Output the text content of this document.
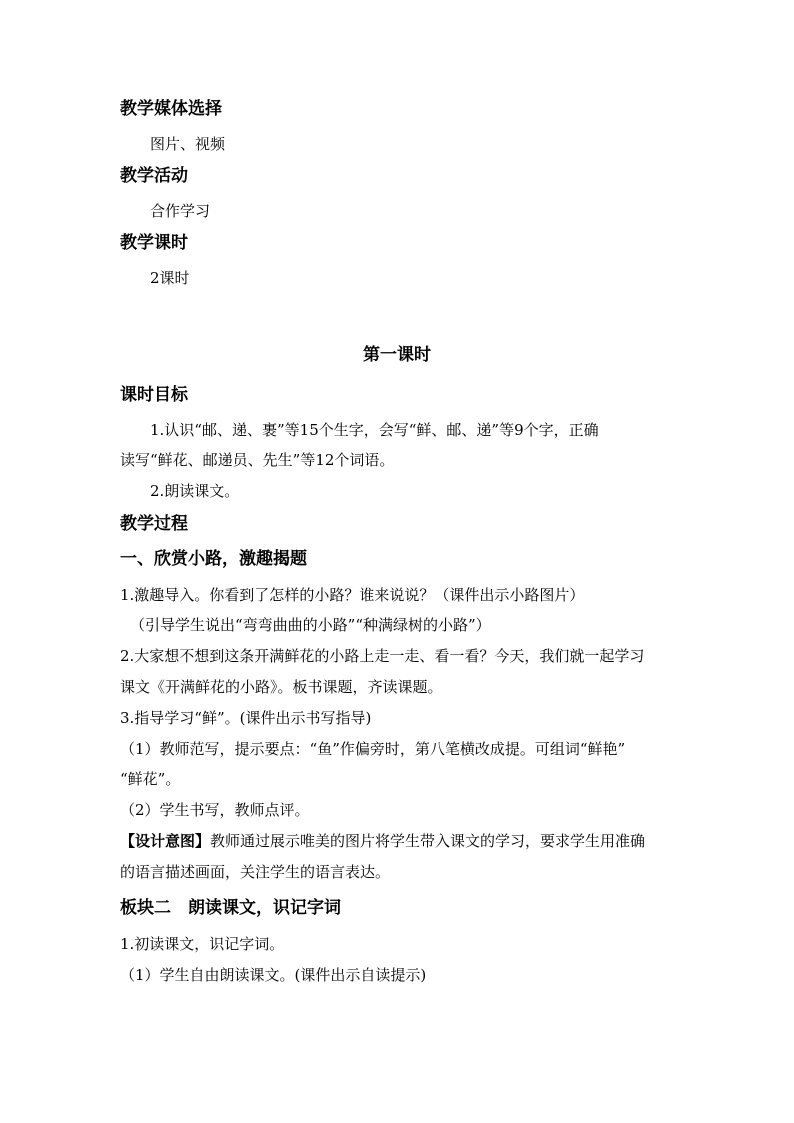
教学媒体选择
图片、视频
教学活动
合作学习
教学课时
2课时
第一课时
课时目标
1.认识“邮、递、裹”等15个生字，会写“鲜、邮、递”等9个字，正确
读写“鲜花、邮递员、先生”等12个词语。
2.朗读课文。
教学过程
一、欣赏小路，激趣揭题
1.激趣导入。你看到了怎样的小路？谁来说说？（课件出示小路图片）
（引导学生说出“弯弯曲曲的小路”“种满绿树的小路”）
2.大家想不想到这条开满鲜花的小路上走一走、看一看？今天，我们就一起学习
课文《开满鲜花的小路》。板书课题，齐读课题。
3.指导学习“鲜”。(课件出示书写指导)
（1）教师范写，提示要点：“鱼”作偏旁时，第八笔横改成提。可组词“鲜艳”
“鲜花”。
（2）学生书写，教师点评。
【设计意图】教师通过展示唯美的图片将学生带入课文的学习，要求学生用准确
的语言描述画面，关注学生的语言表达。
板块二　朗读课文，识记字词
1.初读课文，识记字词。
（1）学生自由朗读课文。(课件出示自读提示)
